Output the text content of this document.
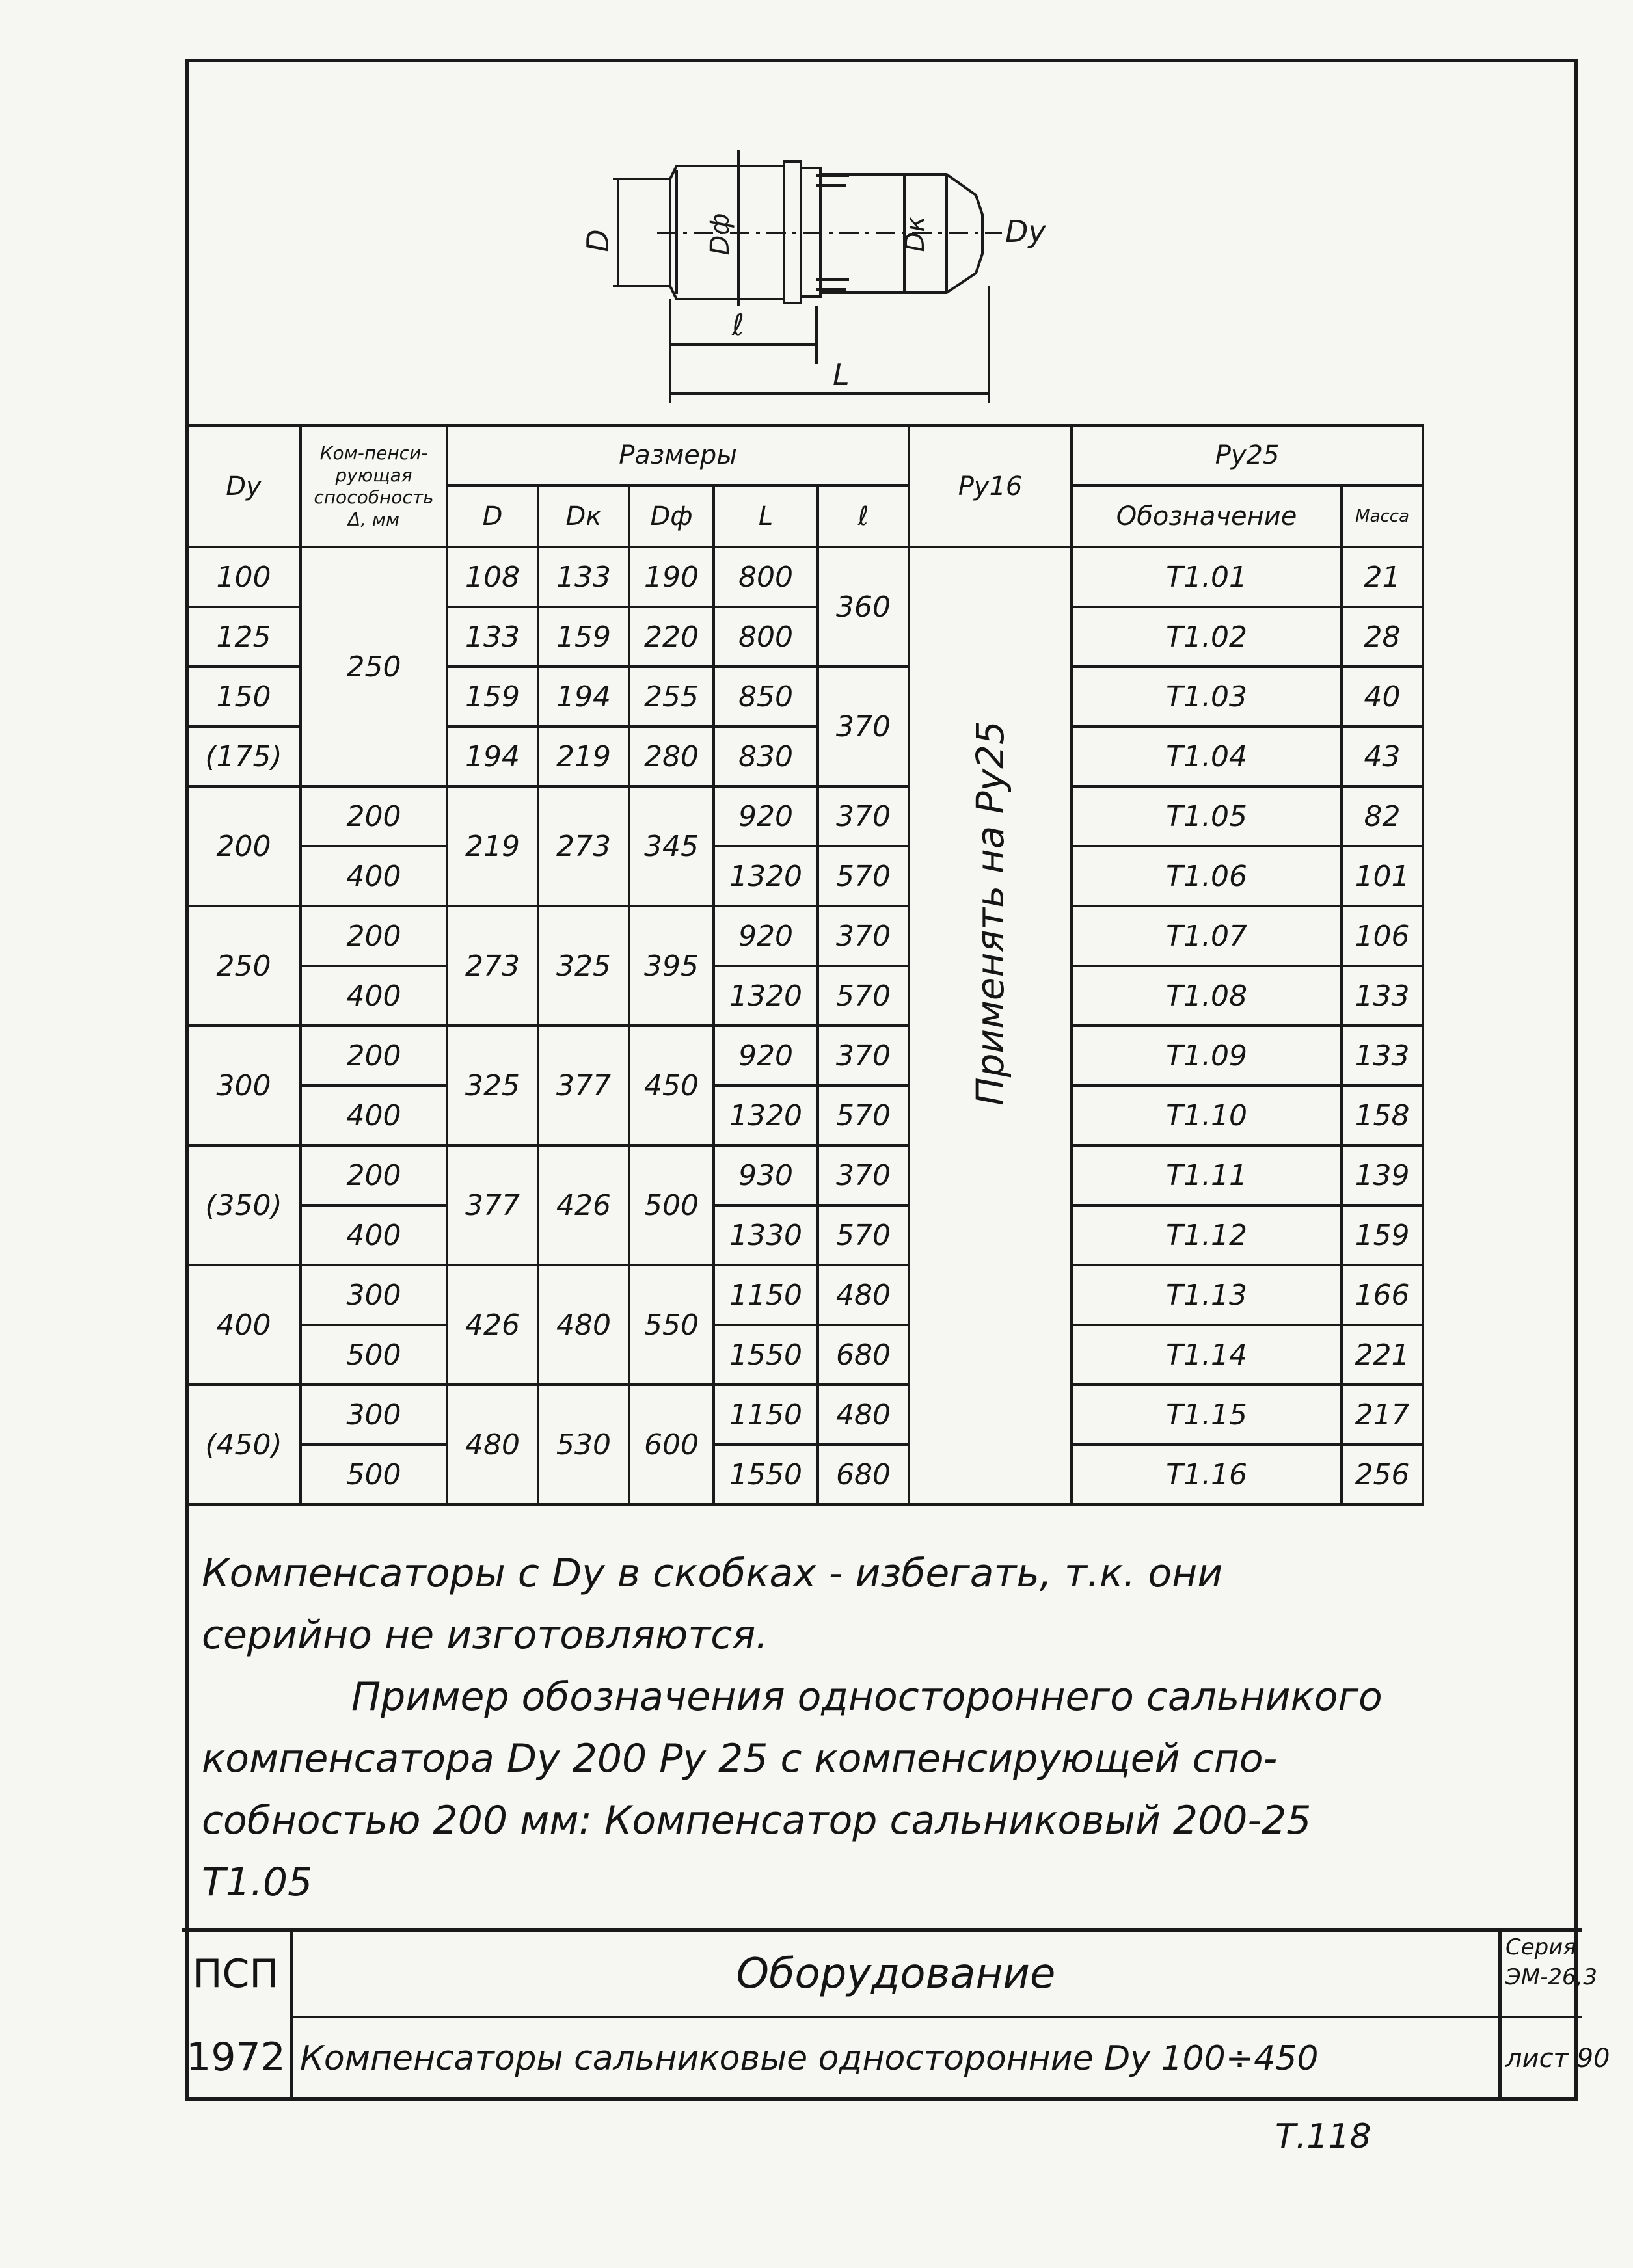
D	Dф	Dк	Dy
ℓ
L
Dу	Ком-пенси-рующая способность Δ, мм	Размеры					Pу16	Pу25	
		D	Dк	Dф	L	ℓ		Обозначение	Масса
100	250	108	133	190	800	360	Применять на Pу25	Т1.01	21
125		133	159	220	800			Т1.02	28
150		159	194	255	850	370		Т1.03	40
(175)		194	219	280	830			Т1.04	43
200	200	219	273	345	920	370		Т1.05	82
	400				1320	570		Т1.06	101
250	200	273	325	395	920	370		Т1.07	106
	400				1320	570		Т1.08	133
300	200	325	377	450	920	370		Т1.09	133
	400				1320	570		Т1.10	158
(350)	200	377	426	500	930	370		Т1.11	139
	400				1330	570		Т1.12	159
400	300	426	480	550	1150	480		Т1.13	166
	500				1550	680		Т1.14	221
(450)	300	480	530	600	1150	480		Т1.15	217
	500				1550	680		Т1.16	256

Компенсаторы с Dу в скобках - избегать, т.к. они

серийно не изготовляются.

Пример обозначения одностороннего сальникого

компенсатора Dу 200 Pу 25 с компенсирующей спо-

собностью 200 мм: Компенсатор сальниковый 200-25

Т1.05

ПСП
1972
Оборудование
Компенсаторы сальниковые односторонние Dу 100÷450
Серия
ЭМ-26,3
лист 90
Т.118
